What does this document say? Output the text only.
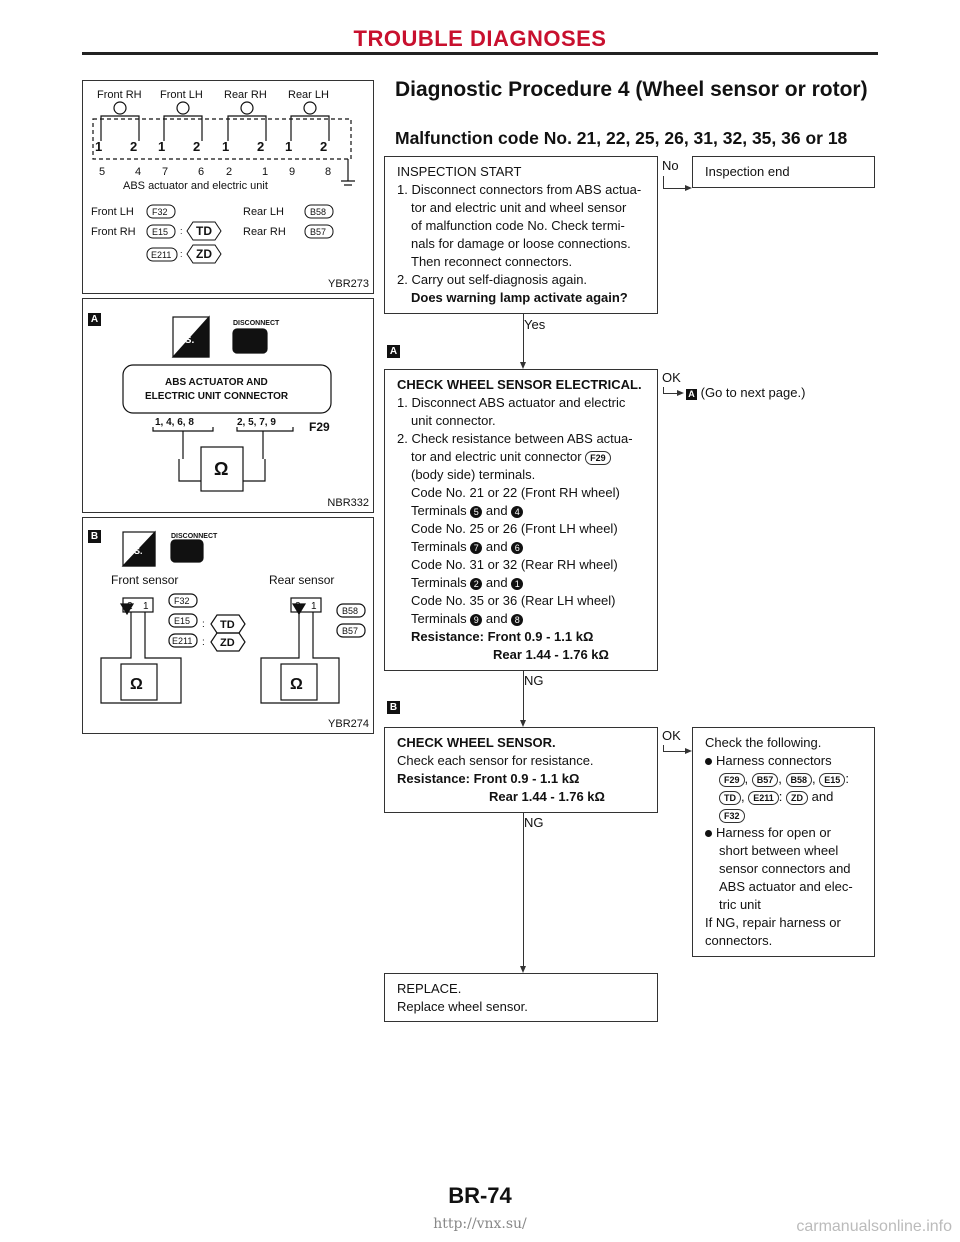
TROUBLE DIAGNOSES
Front RH Front LH Rear RH Rear LH
1 2 1 2 1 2 1 2
5	4 7	6 2	1 9	8
ABS actuator and electric unit
Front LH
Front RH
Rear LH
Rear RH
F32
E15
E211
B58
B57
:
:
TD
ZD
YBR273
A
T.S.
DISCONNECT
ABS ACTUATOR AND
ELECTRIC UNIT CONNECTOR
1, 4, 6, 8	2, 5, 7, 9	F29
Ω
NBR332
B
T.S.
DISCONNECT
Front sensor	Rear sensor
2 1	2 1
F32
E15
E211
B58
B57
:
:
TD
ZD
Ω	Ω
YBR274
Diagnostic Procedure 4 (Wheel sensor or rotor)
Malfunction code No. 21, 22, 25, 26, 31, 32, 35, 36 or 18
INSPECTION START
1. Disconnect connectors from ABS actua-
tor and electric unit and wheel sensor
of malfunction code No. Check termi-
nals for damage or loose connections.
Then reconnect connectors.
2. Carry out self-diagnosis again.
Does warning lamp activate again?
No Inspection end
Yes
A
CHECK WHEEL SENSOR ELECTRICAL.
1. Disconnect ABS actuator and electric
unit connector.
2. Check resistance between ABS actua-
tor and electric unit connector F29
(body side) terminals.
Code No. 21 or 22 (Front RH wheel)
Terminals 5 and 4
Code No. 25 or 26 (Front LH wheel)
Terminals 7 and 6
Code No. 31 or 32 (Rear RH wheel)
Terminals 2 and 1
Code No. 35 or 36 (Rear LH wheel)
Terminals 9 and 8
Resistance: Front 0.9 - 1.1 kΩ
Rear 1.44 - 1.76 kΩ
OK
A (Go to next page.)
NG
B
CHECK WHEEL SENSOR.
Check each sensor for resistance.
Resistance: Front 0.9 - 1.1 kΩ
Rear 1.44 - 1.76 kΩ
OK Check the following.
Harness connectors
F29 , B57 , B58 , E15 :
TD , E211 : ZD and
F32
Harness for open or
short between wheel
sensor connectors and
ABS actuator and elec-
tric unit
If NG, repair harness or
connectors.
NG
REPLACE.
Replace wheel sensor.
BR-74
http://vnx.su/	carmanualsonline.info
